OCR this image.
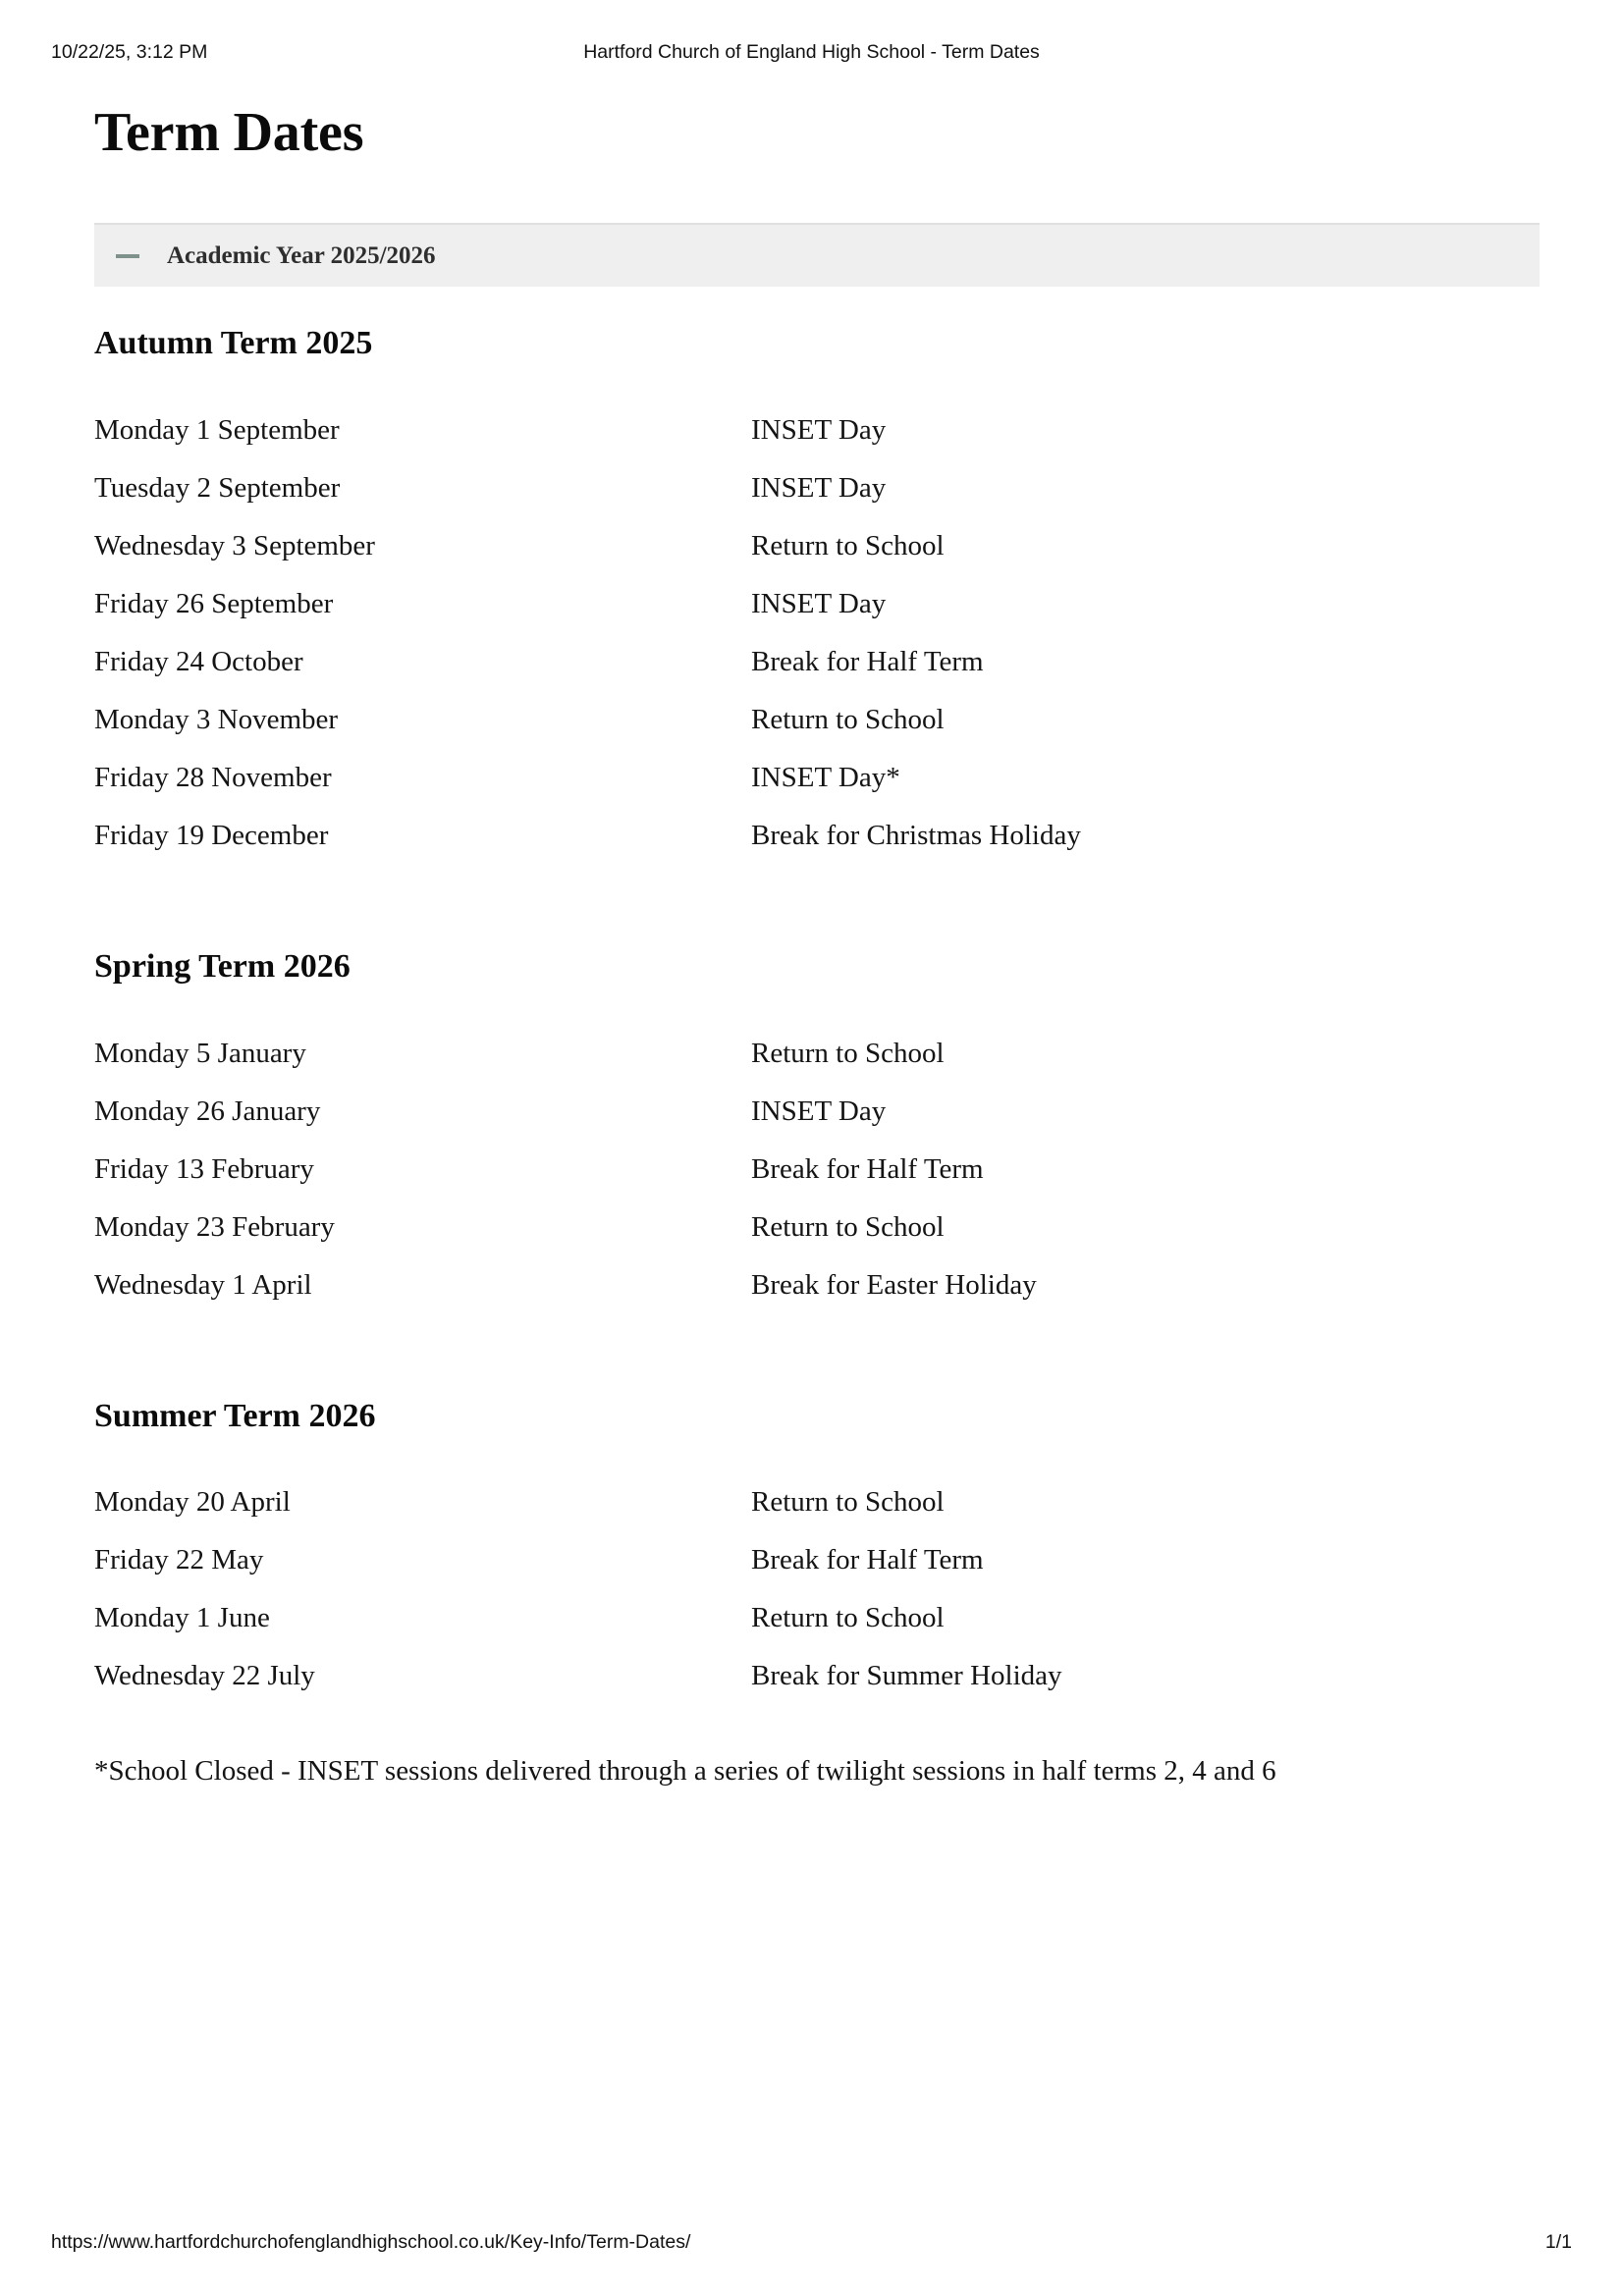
10/22/25, 3:12 PM	Hartford Church of England High School - Term Dates
Term Dates
Academic Year 2025/2026
Autumn Term 2025
Monday 1 September	INSET Day
Tuesday 2 September	INSET Day
Wednesday 3 September	Return to School
Friday 26 September	INSET Day
Friday 24 October	Break for Half Term
Monday 3 November	Return to School
Friday 28 November	INSET Day*
Friday 19 December	Break for Christmas Holiday
Spring Term 2026
Monday 5 January	Return to School
Monday 26 January	INSET Day
Friday 13 February	Break for Half Term
Monday 23 February	Return to School
Wednesday 1 April	Break for Easter Holiday
Summer Term 2026
Monday 20 April	Return to School
Friday 22 May	Break for Half Term
Monday 1 June	Return to School
Wednesday 22 July	Break for Summer Holiday

*School Closed - INSET sessions delivered through a series of twilight sessions in half terms 2, 4 and 6

https://www.hartfordchurchofenglandhighschool.co.uk/Key-Info/Term-Dates/	1/1
